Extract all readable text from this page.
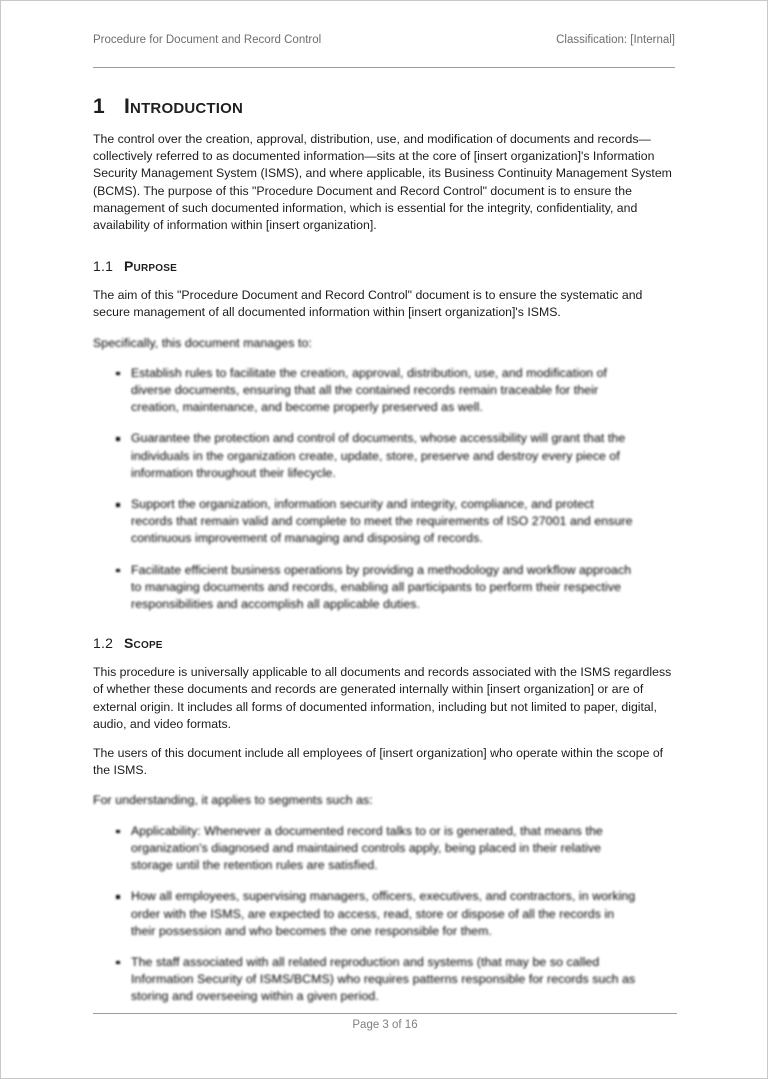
Procedure for Document and Record Control	Classification: [Internal]
1 Introduction

The control over the creation, approval, distribution, use, and modification of documents and records—collectively referred to as documented information—sits at the core of [insert organization]'s Information Security Management System (ISMS), and where applicable, its Business Continuity Management System (BCMS). The purpose of this "Procedure Document and Record Control" document is to ensure the management of such documented information, which is essential for the integrity, confidentiality, and availability of information within [insert organization].

1.1 Purpose

The aim of this "Procedure Document and Record Control" document is to ensure the systematic and secure management of all documented information within [insert organization]'s ISMS.

Specifically, this document manages to:

Establish rules to facilitate the creation, approval, distribution, use, and modification of diverse documents, ensuring that all the contained records remain traceable for their creation, maintenance, and become properly preserved as well.
Guarantee the protection and control of documents, whose accessibility will grant that the individuals in the organization create, update, store, preserve and destroy every piece of information throughout their lifecycle.
Support the organization, information security and integrity, compliance, and protect records that remain valid and complete to meet the requirements of ISO 27001 and ensure continuous improvement of managing and disposing of records.
Facilitate efficient business operations by providing a methodology and workflow approach to managing documents and records, enabling all participants to perform their respective responsibilities and accomplish all applicable duties.
1.2 Scope

This procedure is universally applicable to all documents and records associated with the ISMS regardless of whether these documents and records are generated internally within [insert organization] or are of external origin. It includes all forms of documented information, including but not limited to paper, digital, audio, and video formats.

The users of this document include all employees of [insert organization] who operate within the scope of the ISMS.

For understanding, it applies to segments such as:

Applicability: Whenever a documented record talks to or is generated, that means the organization's diagnosed and maintained controls apply, being placed in their relative storage until the retention rules are satisfied.
How all employees, supervising managers, officers, executives, and contractors, in working order with the ISMS, are expected to access, read, store or dispose of all the records in their possession and who becomes the one responsible for them.
The staff associated with all related reproduction and systems (that may be so called Information Security of ISMS/BCMS) who requires patterns responsible for records such as storing and overseeing within a given period.
Page 3 of 16
